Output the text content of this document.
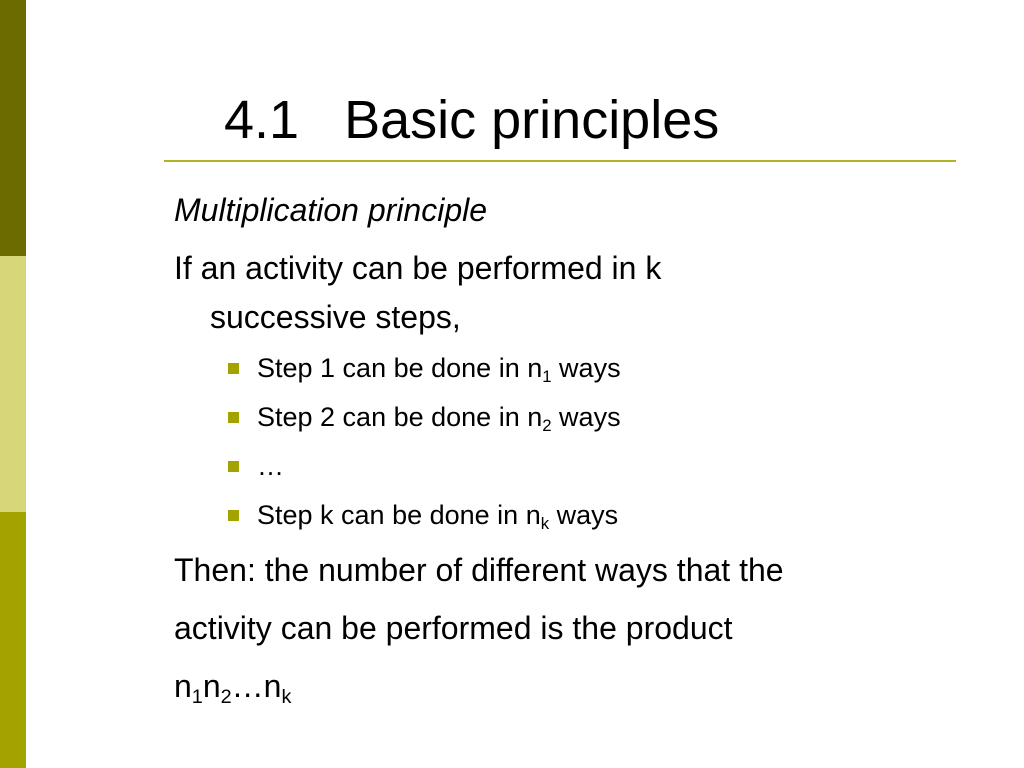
4.1 Basic principles
Multiplication principle
If an activity can be performed in k
successive steps,
Step 1 can be done in $n_1$ ways
Step 2 can be done in $n_2$ ways
…
Step k can be done in $n_k$ ways
Then: the number of different ways that the
activity can be performed is the product
$n_1n_2\dots n_k$
